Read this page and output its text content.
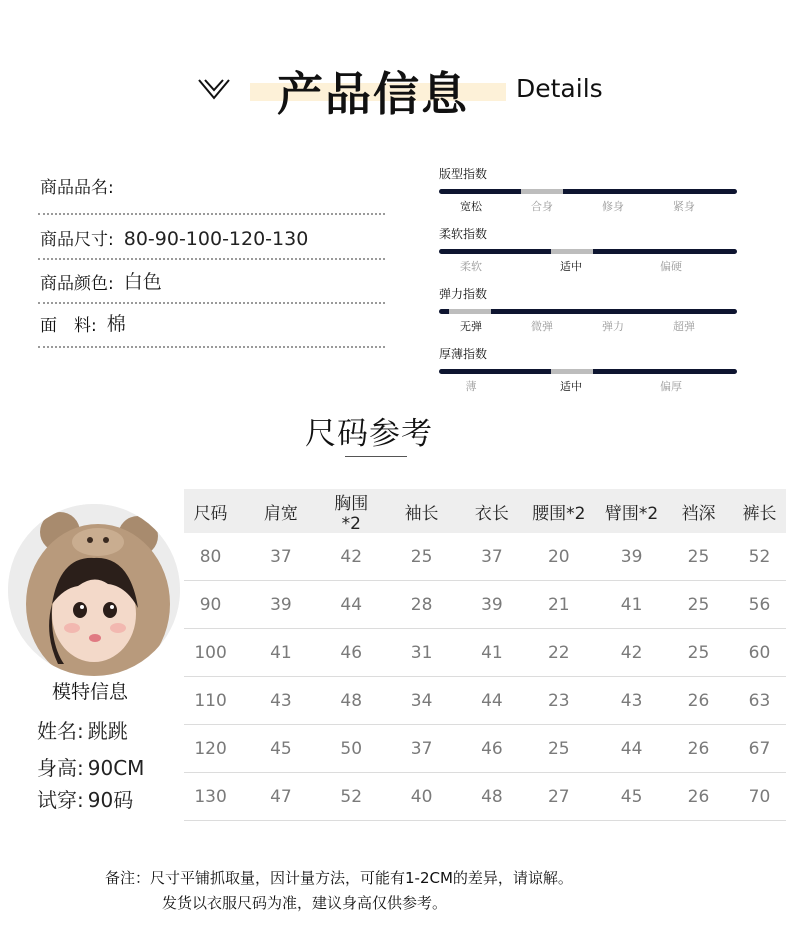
产品信息 Details
商品品名:
商品尺寸: 80-90-100-120-130
商品颜色: 白色
面　料: 棉
版型指数
宽松	合身	修身	紧身
柔软指数
柔软	适中	偏硬
弹力指数
无弹	微弹	弹力	超弹
厚薄指数
薄	适中	偏厚
尺码参考
模特信息
姓名: 跳跳
身高: 90CM
试穿: 90码
尺码	肩宽	胸围*2	袖长	衣长	腰围*2	臂围*2	裆深	裤长
80	37	42	25	37	20	39	25	52
90	39	44	28	39	21	41	25	56
100	41	46	31	41	22	42	25	60
110	43	48	34	44	23	43	26	63
120	45	50	37	46	25	44	26	67
130	47	52	40	48	27	45	26	70
备注：尺寸平铺抓取量，因计量方法，可能有1-2CM的差异，请谅解。
发货以衣服尺码为准，建议身高仅供参考。
